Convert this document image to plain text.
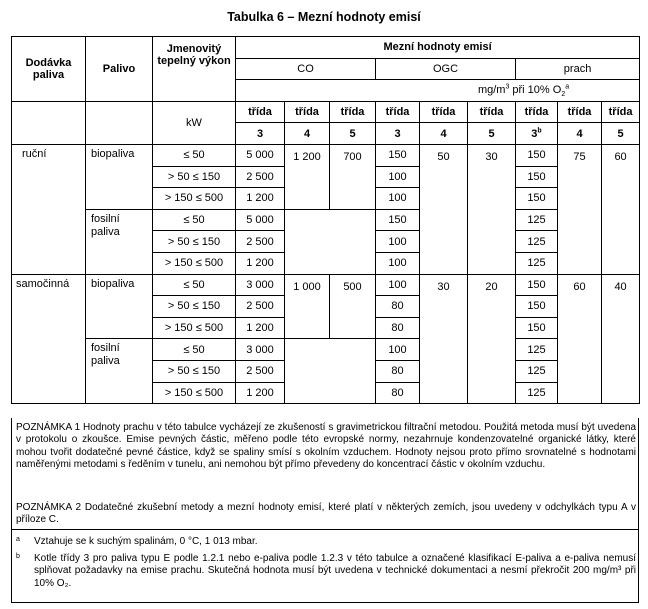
Tabulka 6 – Mezní hodnoty emisí
Dodávka paliva	Palivo	Jmenovitý tepelný výkon	Mezní hodnoty emisí								
			CO			OGC			prach		
			$mg/m^3$ při 10% $O_2^a$
		kW	třída	třída	třída	třída	třída	třída	třída	třída	třída
			3	4	5	3	4	5	3$^b$	4	5
ruční	biopaliva	≤ 50	5 000	1 200	700	150	50	30	150	75	60
		> 50 ≤ 150	2 500			100			150		
		> 150 ≤ 500	1 200			100			150		
	fosilní paliva	≤ 50	5 000			150			125		
		> 50 ≤ 150	2 500			100			125		
		> 150 ≤ 500	1 200			100			125		
samočinná	biopaliva	≤ 50	3 000	1 000	500	100	30	20	150	60	40
		> 50 ≤ 150	2 500			80			150		
		> 150 ≤ 500	1 200			80			150		
	fosilní paliva	≤ 50	3 000			100			125		
		> 50 ≤ 150	2 500			80			125		
		> 150 ≤ 500	1 200			80			125		
POZNÁMKA 1 Hodnoty prachu v této tabulce vycházejí ze zkušeností s gravimetrickou filtrační metodou. Použitá metoda musí být uvedena v protokolu o zkoušce. Emise pevných částic, měřeno podle této evropské normy, nezahrnuje kondenzovatelné organické látky, které mohou tvořit dodatečné pevné částice, když se spaliny smísí s okolním vzduchem. Hodnoty nejsou proto přímo srovnatelné s hodnotami naměřenými metodami s ředěním v tunelu, ani nemohou být přímo převedeny do koncentrací částic v okolním vzduchu.
POZNÁMKA 2 Dodatečné zkušební metody a mezní hodnoty emisí, které platí v některých zemích, jsou uvedeny v odchylkách typu A v příloze C.
a Vztahuje se k suchým spalinám, 0 °C, 1 013 mbar.
b Kotle třídy 3 pro paliva typu E podle 1.2.1 nebo e-paliva podle 1.2.3 v této tabulce a označené klasifikací E-paliva a e-paliva nemusí splňovat požadavky na emise prachu. Skutečná hodnota musí být uvedena v technické dokumentaci a nesmí překročit 200 mg/m³ při 10% O₂.
